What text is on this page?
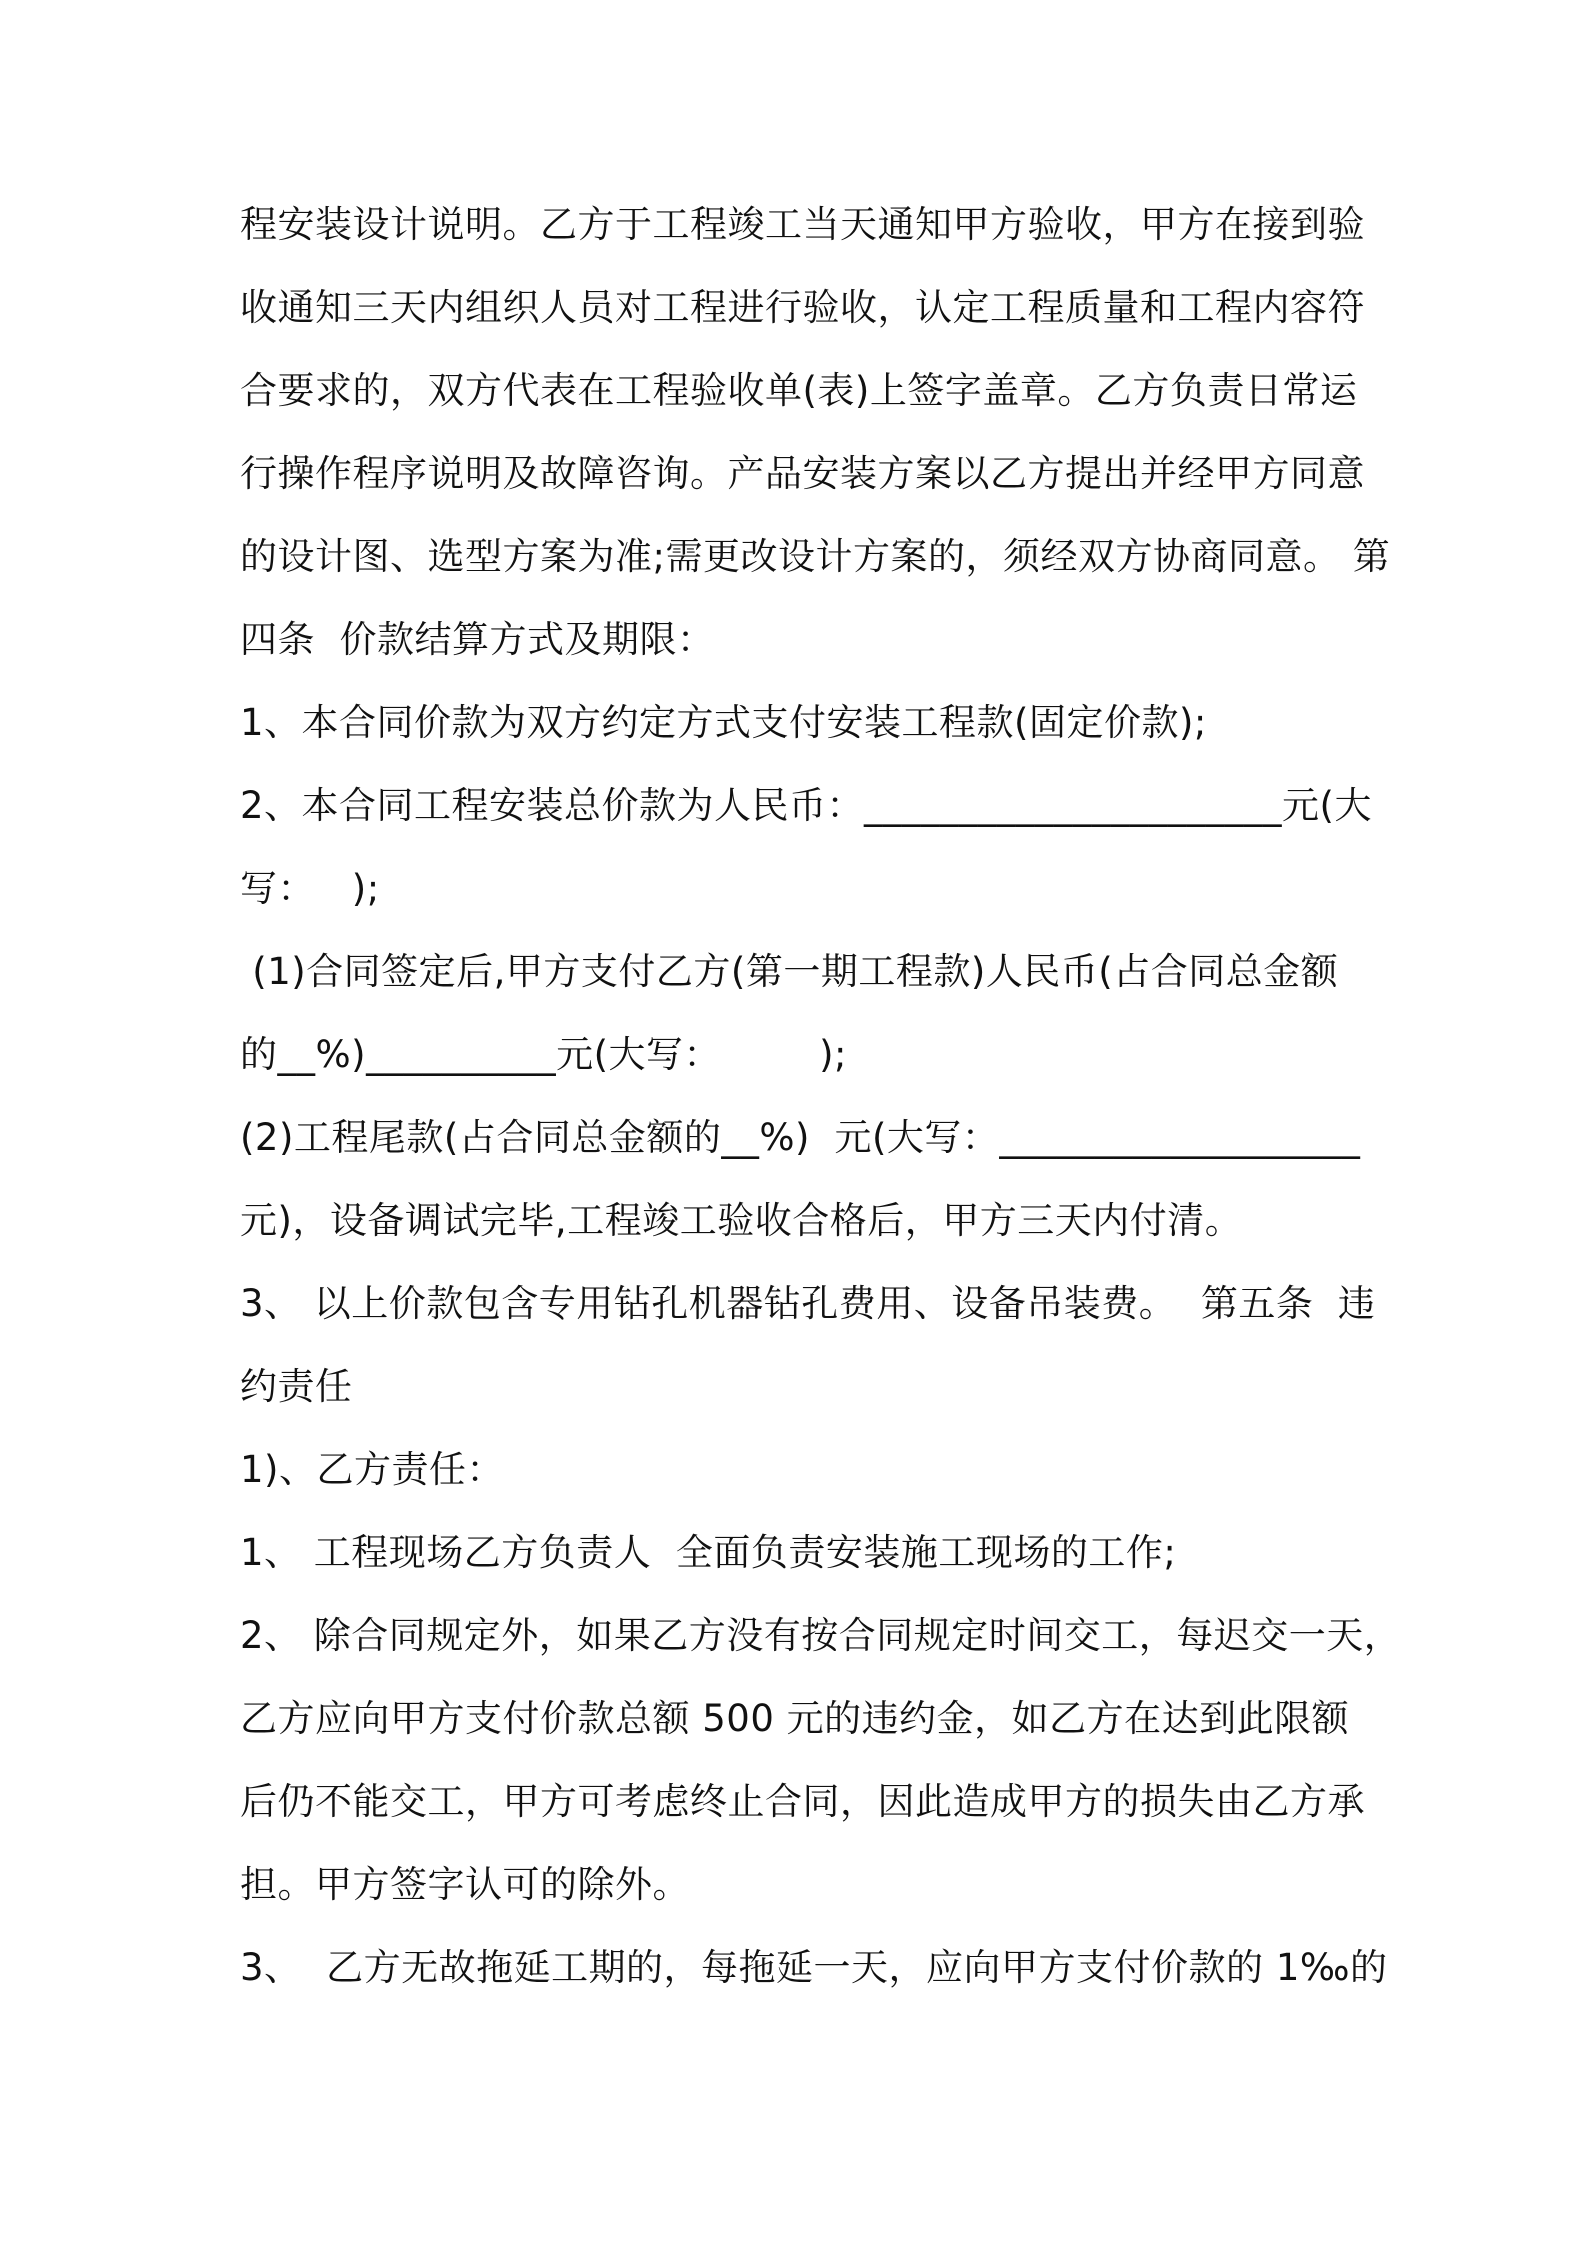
程安装设计说明。乙方于工程竣工当天通知甲方验收，甲方在接到验
收通知三天内组织人员对工程进行验收，认定工程质量和工程内容符
合要求的，双方代表在工程验收单(表)上签字盖章。乙方负责日常运
行操作程序说明及故障咨询。产品安装方案以乙方提出并经甲方同意
的设计图、选型方案为准;需更改设计方案的，须经双方协商同意。 第
四条  价款结算方式及期限：
1、本合同价款为双方约定方式支付安装工程款(固定价款);
2、本合同工程安装总价款为人民币：______________________元(大
写：   );
(1)合同签定后,甲方支付乙方(第一期工程款)人民币(占合同总金额
的__%)__________元(大写：        );
(2)工程尾款(占合同总金额的__%)  元(大写：___________________
元)，设备调试完毕,工程竣工验收合格后，甲方三天内付清。
3、 以上价款包含专用钻孔机器钻孔费用、设备吊装费。  第五条  违
约责任
1)、乙方责任：
1、 工程现场乙方负责人  全面负责安装施工现场的工作;
2、 除合同规定外，如果乙方没有按合同规定时间交工，每迟交一天，
乙方应向甲方支付价款总额 500 元的违约金，如乙方在达到此限额
后仍不能交工，甲方可考虑终止合同，因此造成甲方的损失由乙方承
担。甲方签字认可的除外。
3、  乙方无故拖延工期的，每拖延一天，应向甲方支付价款的 1‰的
